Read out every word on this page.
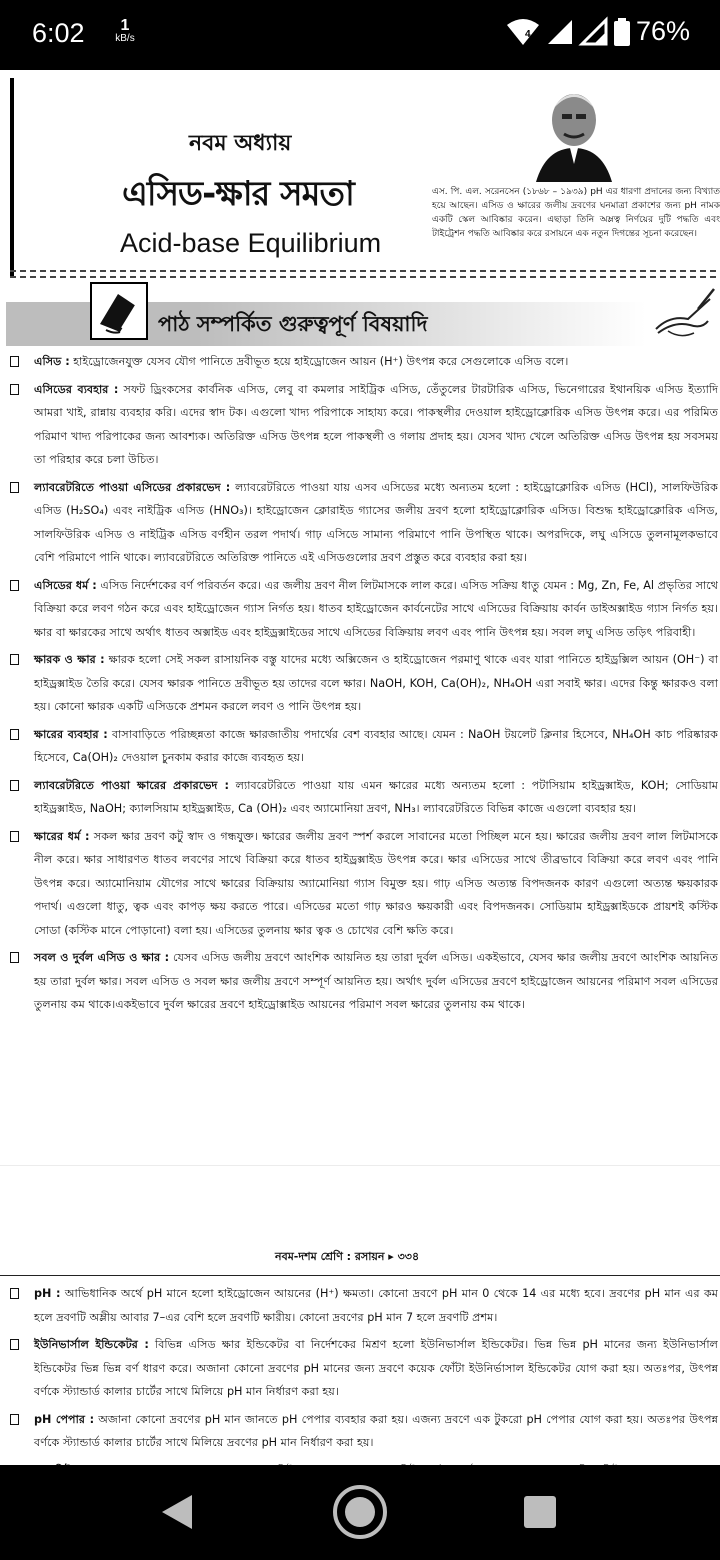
6:02	1
kB/s	4	76%
নবম অধ্যায়
এসিড-ক্ষার সমতা
Acid-base Equilibrium
এস. পি. এল. সরেনসেন (১৮৬৮ – ১৯৩৯) pH এর ধারণা প্রদানের জন্য বিখ্যাত হয়ে আছেন। এসিড ও ক্ষারের জলীয় দ্রবণের ঘনমাত্রা প্রকাশের জন্য pH নামক একটি স্কেল আবিষ্কার করেন। এছাড়া তিনি অম্লত্ব নির্ণয়ের দুটি পদ্ধতি এবং টাইট্রেশন পদ্ধতি আবিষ্কার করে রসায়নে এক নতুন দিগন্তের সূচনা করেছেন।
পাঠ সম্পর্কিত গুরুত্বপূর্ণ বিষয়াদি
এসিড : হাইড্রোজেনযুক্ত যেসব যৌগ পানিতে দ্রবীভূত হয়ে হাইড্রোজেন আয়ন (H⁺) উৎপন্ন করে সেগুলোকে এসিড বলে।
এসিডের ব্যবহার : সফট ড্রিংকসের কার্বনিক এসিড, লেবু বা কমলার সাইট্রিক এসিড, তেঁতুলের টারটারিক এসিড, ভিনেগারের ইথানয়িক এসিড ইত্যাদি আমরা খাই, রান্নায় ব্যবহার করি। এদের স্বাদ টক। এগুলো খাদ্য পরিপাকে সাহায্য করে। পাকস্থলীর দেওয়াল হাইড্রোক্লোরিক এসিড উৎপন্ন করে। এর পরিমিত পরিমাণ খাদ্য পরিপাকের জন্য আবশ্যক। অতিরিক্ত এসিড উৎপন্ন হলে পাকস্থলী ও গলায় প্রদাহ হয়। যেসব খাদ্য খেলে অতিরিক্ত এসিড উৎপন্ন হয় সবসময় তা পরিহার করে চলা উচিত।
ল্যাবরেটরিতে পাওয়া এসিডের প্রকারভেদ : ল্যাবরেটরিতে পাওয়া যায় এসব এসিডের মধ্যে অন্যতম হলো : হাইড্রোক্লোরিক এসিড (HCl), সালফিউরিক এসিড (H₂SO₄) এবং নাইট্রিক এসিড (HNO₃)। হাইড্রোজেন ক্লোরাইড গ্যাসের জলীয় দ্রবণ হলো হাইড্রোক্লোরিক এসিড। বিশুদ্ধ হাইড্রোক্লোরিক এসিড, সালফিউরিক এসিড ও নাইট্রিক এসিড বর্ণহীন তরল পদার্থ। গাঢ় এসিডে সামান্য পরিমাণে পানি উপস্থিত থাকে। অপরদিকে, লঘু এসিডে তুলনামূলকভাবে বেশি পরিমাণে পানি থাকে। ল্যাবরেটরিতে অতিরিক্ত পানিতে এই এসিডগুলোর দ্রবণ প্রস্তুত করে ব্যবহার করা হয়।
এসিডের ধর্ম : এসিড নির্দেশকের বর্ণ পরিবর্তন করে। এর জলীয় দ্রবণ নীল লিটমাসকে লাল করে। এসিড সক্রিয় ধাতু যেমন : Mg, Zn, Fe, Al প্রভৃতির সাথে বিক্রিয়া করে লবণ গঠন করে এবং হাইড্রোজেন গ্যাস নির্গত হয়। ধাতব হাইড্রোজেন কার্বনেটের সাথে এসিডের বিক্রিয়ায় কার্বন ডাইঅক্সাইড গ্যাস নির্গত হয়। ক্ষার বা ক্ষারকের সাথে অর্থাৎ ধাতব অক্সাইড এবং হাইড্রক্সাইডের সাথে এসিডের বিক্রিয়ায় লবণ এবং পানি উৎপন্ন হয়। সবল লঘু এসিড তড়িৎ পরিবাহী।
ক্ষারক ও ক্ষার : ক্ষারক হলো সেই সকল রাসায়নিক বস্তু যাদের মধ্যে অক্সিজেন ও হাইড্রোজেন পরমাণু থাকে এবং যারা পানিতে হাইড্রক্সিল আয়ন (OH⁻) বা হাইড্রক্সাইড তৈরি করে। যেসব ক্ষারক পানিতে দ্রবীভূত হয় তাদের বলে ক্ষার। NaOH, KOH, Ca(OH)₂, NH₄OH এরা সবাই ক্ষার। এদের কিন্তু ক্ষারকও বলা হয়। কোনো ক্ষারক একটি এসিডকে প্রশমন করলে লবণ ও পানি উৎপন্ন হয়।
ক্ষারের ব্যবহার : বাসাবাড়িতে পরিচ্ছন্নতা কাজে ক্ষারজাতীয় পদার্থের বেশ ব্যবহার আছে। যেমন : NaOH টয়লেট ক্লিনার হিসেবে, NH₄OH কাচ পরিষ্কারক হিসেবে, Ca(OH)₂ দেওয়াল চুনকাম করার কাজে ব্যবহৃত হয়।
ল্যাবরেটরিতে পাওয়া ক্ষারের প্রকারভেদ : ল্যাবরেটরিতে পাওয়া যায় এমন ক্ষারের মধ্যে অন্যতম হলো : পটাসিয়াম হাইড্রক্সাইড, KOH; সোডিয়াম হাইড্রক্সাইড, NaOH; ক্যালসিয়াম হাইড্রক্সাইড, Ca (OH)₂ এবং অ্যামোনিয়া দ্রবণ, NH₃। ল্যাবরেটরিতে বিভিন্ন কাজে এগুলো ব্যবহার হয়।
ক্ষারের ধর্ম : সকল ক্ষার দ্রবণ কটু স্বাদ ও গন্ধযুক্ত। ক্ষারের জলীয় দ্রবণ স্পর্শ করলে সাবানের মতো পিচ্ছিল মনে হয়। ক্ষারের জলীয় দ্রবণ লাল লিটমাসকে নীল করে। ক্ষার সাধারণত ধাতব লবণের সাথে বিক্রিয়া করে ধাতব হাইড্রক্সাইড উৎপন্ন করে। ক্ষার এসিডের সাথে তীব্রভাবে বিক্রিয়া করে লবণ এবং পানি উৎপন্ন করে। অ্যামোনিয়াম যৌগের সাথে ক্ষারের বিক্রিয়ায় অ্যামোনিয়া গ্যাস বিমুক্ত হয়। গাঢ় এসিড অত্যন্ত বিপদজনক কারণ এগুলো অত্যন্ত ক্ষয়কারক পদার্থ। এগুলো ধাতু, ত্বক এবং কাপড় ক্ষয় করতে পারে। এসিডের মতো গাঢ় ক্ষারও ক্ষয়কারী এবং বিপদজনক। সোডিয়াম হাইড্রক্সাইডকে প্রায়শই কস্টিক সোডা (কস্টিক মানে পোড়ানো) বলা হয়। এসিডের তুলনায় ক্ষার ত্বক ও চোখের বেশি ক্ষতি করে।
সবল ও দুর্বল এসিড ও ক্ষার : যেসব এসিড জলীয় দ্রবণে আংশিক আয়নিত হয় তারা দুর্বল এসিড। একইভাবে, যেসব ক্ষার জলীয় দ্রবণে আংশিক আয়নিত হয় তারা দুর্বল ক্ষার। সবল এসিড ও সবল ক্ষার জলীয় দ্রবণে সম্পূর্ণ আয়নিত হয়। অর্থাৎ দুর্বল এসিডের দ্রবণে হাইড্রোজেন আয়নের পরিমাণ সবল এসিডের তুলনায় কম থাকে।একইভাবে দুর্বল ক্ষারের দ্রবণে হাইড্রোক্সাইড আয়নের পরিমাণ সবল ক্ষারের তুলনায় কম থাকে।
নবম-দশম শ্রেণি : রসায়ন ▸ ৩৩৪
pH : আভিধানিক অর্থে pH মানে হলো হাইড্রোজেন আয়নের (H⁺) ক্ষমতা। কোনো দ্রবণে pH মান 0 থেকে 14 এর মধ্যে হবে। দ্রবণের pH মান এর কম হলে দ্রবণটি অম্লীয় আবার 7–এর বেশি হলে দ্রবণটি ক্ষারীয়। কোনো দ্রবণের pH মান 7 হলে দ্রবণটি প্রশম।
ইউনিভার্সাল ইন্ডিকেটর : বিভিন্ন এসিড ক্ষার ইন্ডিকেটর বা নির্দেশকের মিশ্রণ হলো ইউনিভার্সাল ইন্ডিকেটর। ভিন্ন ভিন্ন pH মানের জন্য ইউনিভার্সাল ইন্ডিকেটর ভিন্ন ভিন্ন বর্ণ ধারণ করে। অজানা কোনো দ্রবণের pH মানের জন্য দ্রবণে কয়েক ফোঁটা ইউনির্ভাসাল ইন্ডিকেটর যোগ করা হয়। অতঃপর, উৎপন্ন বর্ণকে স্ট্যান্ডার্ড কালার চার্টের সাথে মিলিয়ে pH মান নির্ধারণ করা হয়।
pH পেপার : অজানা কোনো দ্রবণের pH মান জানতে pH পেপার ব্যবহার করা হয়। এজন্য দ্রবণে এক টুকরো pH পেপার যোগ করা হয়। অতঃপর উৎপন্ন বর্ণকে স্ট্যান্ডার্ড কালার চার্টের সাথে মিলিয়ে দ্রবণের pH মান নির্ধারণ করা হয়।
